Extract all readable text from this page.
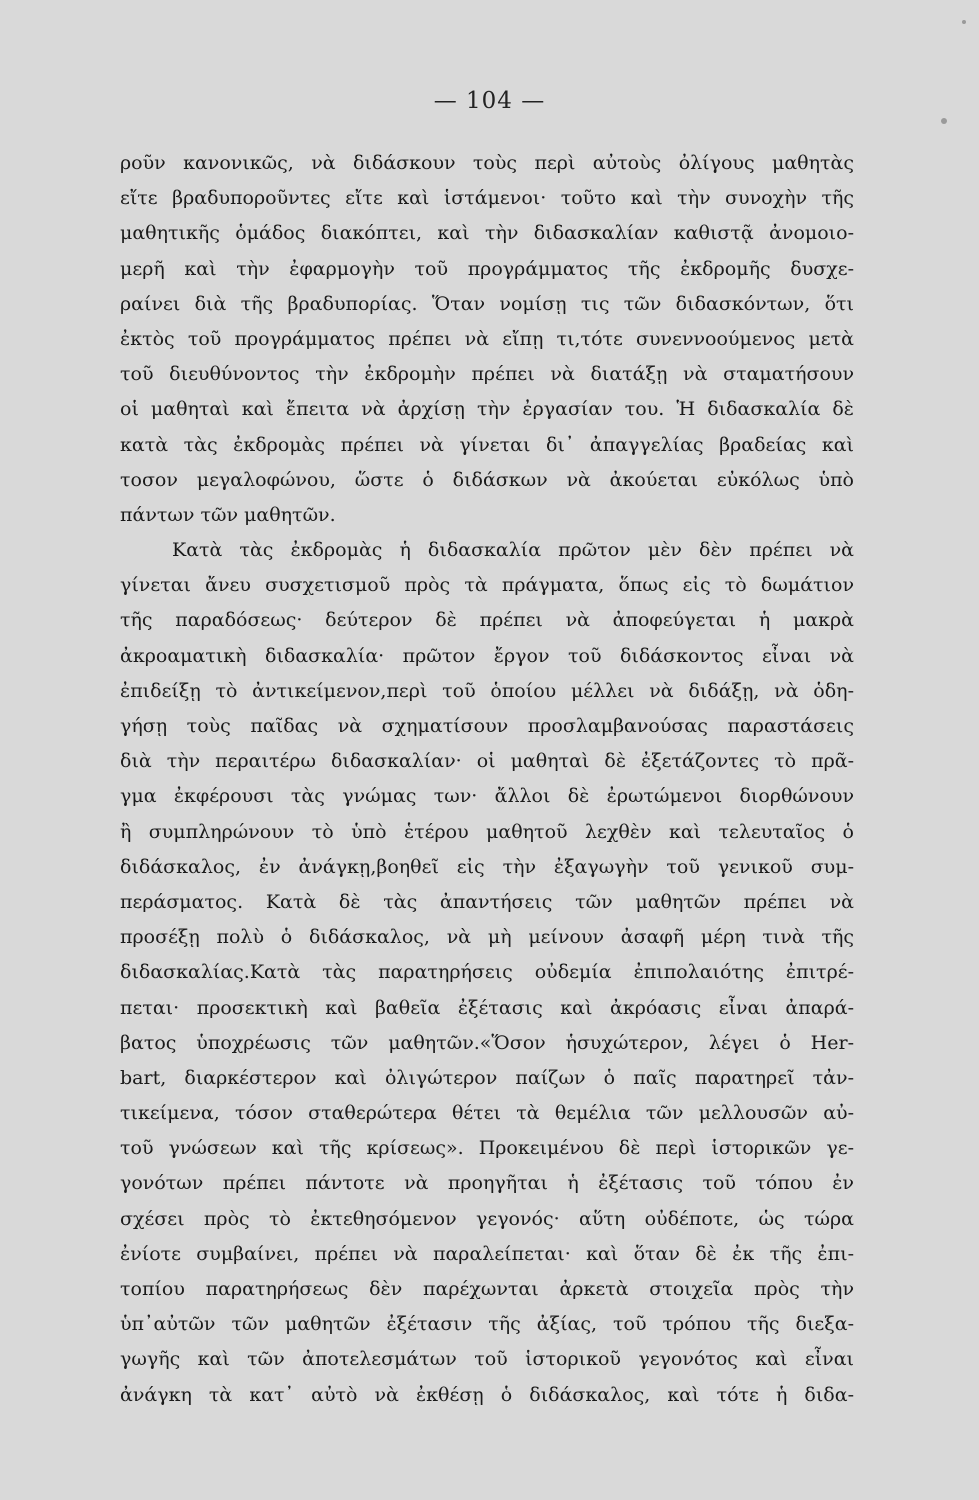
— 104 —
ροῦν κανονικῶς, νὰ διδάσκουν τοὺς περὶ αὐτοὺς ὀλίγους μαθητὰς
εἴτε βραδυποροῦντες εἴτε καὶ ἱστάμενοι· τοῦτο καὶ τὴν συνοχὴν τῆς
μαθητικῆς ὁμάδος διακόπτει, καὶ τὴν διδασκαλίαν καθιστᾷ ἀνομοιο-
μερῆ καὶ τὴν ἐφαρμογὴν τοῦ προγράμματος τῆς ἐκδρομῆς δυσχε-
ραίνει διὰ τῆς βραδυπορίας. Ὅταν νομίσῃ τις τῶν διδασκόντων, ὅτι
ἐκτὸς τοῦ προγράμματος πρέπει νὰ εἴπῃ τι,τότε συνεννοούμενος μετὰ
τοῦ διευθύνοντος τὴν ἐκδρομὴν πρέπει νὰ διατάξῃ νὰ σταματήσουν
οἱ μαθηταὶ καὶ ἔπειτα νὰ ἀρχίσῃ τὴν ἐργασίαν του. Ἡ διδασκαλία δὲ
κατὰ τὰς ἐκδρομὰς πρέπει νὰ γίνεται δι᾽ ἀπαγγελίας βραδείας καὶ
τοσον μεγαλοφώνου, ὥστε ὁ διδάσκων νὰ ἀκούεται εὐκόλως ὑπὸ
πάντων τῶν μαθητῶν.
Κατὰ τὰς ἐκδρομὰς ἡ διδασκαλία πρῶτον μὲν δὲν πρέπει νὰ
γίνεται ἄνευ συσχετισμοῦ πρὸς τὰ πράγματα, ὅπως εἰς τὸ δωμάτιον
τῆς παραδόσεως· δεύτερον δὲ πρέπει νὰ ἀποφεύγεται ἡ μακρὰ
ἀκροαματικὴ διδασκαλία· πρῶτον ἔργον τοῦ διδάσκοντος εἶναι νὰ
ἐπιδείξῃ τὸ ἀντικείμενον,περὶ τοῦ ὁποίου μέλλει νὰ διδάξῃ, νὰ ὁδη-
γήσῃ τοὺς παῖδας νὰ σχηματίσουν προσλαμβανούσας παραστάσεις
διὰ τὴν περαιτέρω διδασκαλίαν· οἱ μαθηταὶ δὲ ἐξετάζοντες τὸ πρᾶ-
γμα ἐκφέρουσι τὰς γνώμας των· ἄλλοι δὲ ἐρωτώμενοι διορθώνουν
ἢ συμπληρώνουν τὸ ὑπὸ ἑτέρου μαθητοῦ λεχθὲν καὶ τελευταῖος ὁ
διδάσκαλος, ἐν ἀνάγκῃ,βοηθεῖ εἰς τὴν ἐξαγωγὴν τοῦ γενικοῦ συμ-
περάσματος. Κατὰ δὲ τὰς ἀπαντήσεις τῶν μαθητῶν πρέπει νὰ
προσέξῃ πολὺ ὁ διδάσκαλος, νὰ μὴ μείνουν ἀσαφῆ μέρη τινὰ τῆς
διδασκαλίας.Κατὰ τὰς παρατηρήσεις οὐδεμία ἐπιπολαιότης ἐπιτρέ-
πεται· προσεκτικὴ καὶ βαθεῖα ἐξέτασις καὶ ἀκρόασις εἶναι ἀπαρά-
βατος ὑποχρέωσις τῶν μαθητῶν.«Ὅσον ἡσυχώτερον, λέγει ὁ Her-
bart, διαρκέστερον καὶ ὀλιγώτερον παίζων ὁ παῖς παρατηρεῖ τἀν-
τικείμενα, τόσον σταθερώτερα θέτει τὰ θεμέλια τῶν μελλουσῶν αὐ-
τοῦ γνώσεων καὶ τῆς κρίσεως». Προκειμένου δὲ περὶ ἱστορικῶν γε-
γονότων πρέπει πάντοτε νὰ προηγῆται ἡ ἐξέτασις τοῦ τόπου ἐν
σχέσει πρὸς τὸ ἐκτεθησόμενον γεγονός· αὕτη οὐδέποτε, ὡς τώρα
ἐνίοτε συμβαίνει, πρέπει νὰ παραλείπεται· καὶ ὅταν δὲ ἐκ τῆς ἐπι-
τοπίου παρατηρήσεως δὲν παρέχωνται ἀρκετὰ στοιχεῖα πρὸς τὴν
ὑπ᾽αὐτῶν τῶν μαθητῶν ἐξέτασιν τῆς ἀξίας, τοῦ τρόπου τῆς διεξα-
γωγῆς καὶ τῶν ἀποτελεσμάτων τοῦ ἱστορικοῦ γεγονότος καὶ εἶναι
ἀνάγκη τὰ κατ᾽ αὐτὸ νὰ ἐκθέσῃ ὁ διδάσκαλος, καὶ τότε ἡ διδα-
